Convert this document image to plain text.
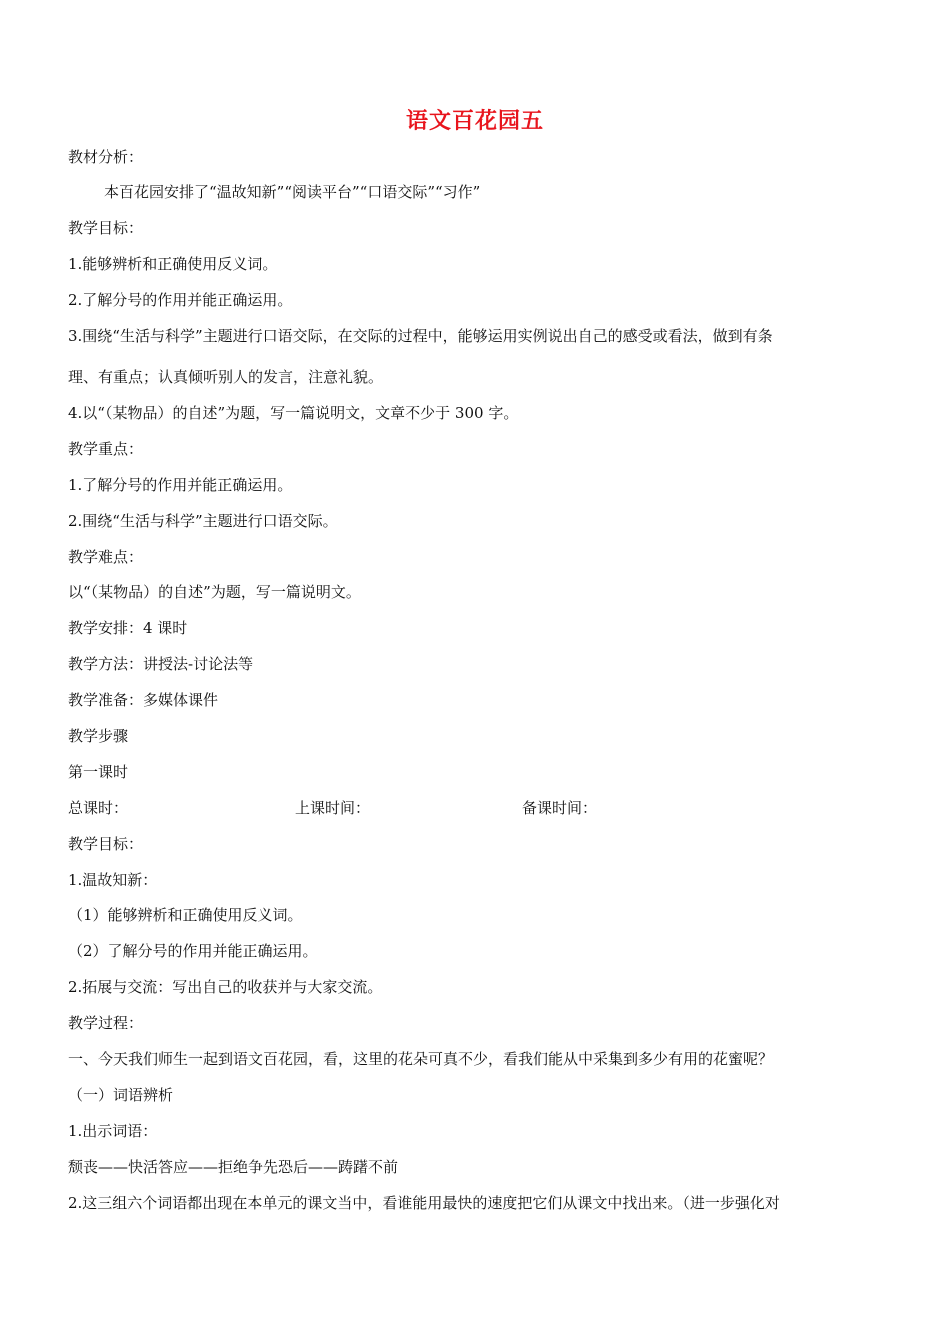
语文百花园五
教材分析：
本百花园安排了“温故知新”“阅读平台”“口语交际”“习作”
教学目标：
1.能够辨析和正确使用反义词。
2.了解分号的作用并能正确运用。
3.围绕“生活与科学”主题进行口语交际，在交际的过程中，能够运用实例说出自己的感受或看法，做到有条
理、有重点；认真倾听别人的发言，注意礼貌。
4.以“（某物品）的自述”为题，写一篇说明文，文章不少于 300 字。
教学重点：
1.了解分号的作用并能正确运用。
2.围绕“生活与科学”主题进行口语交际。
教学难点：
以“（某物品）的自述”为题，写一篇说明文。
教学安排：4 课时
教学方法：讲授法-讨论法等
教学准备：多媒体课件
教学步骤
第一课时
总课时：	上课时间：	备课时间：
教学目标：
1.温故知新：
（1）能够辨析和正确使用反义词。
（2）了解分号的作用并能正确运用。
2.拓展与交流：写出自己的收获并与大家交流。
教学过程：
一、今天我们师生一起到语文百花园，看，这里的花朵可真不少，看我们能从中采集到多少有用的花蜜呢？
（一）词语辨析
1.出示词语：
颓丧——快活答应——拒绝争先恐后——踌躇不前
2.这三组六个词语都出现在本单元的课文当中，看谁能用最快的速度把它们从课文中找出来。（进一步强化对
